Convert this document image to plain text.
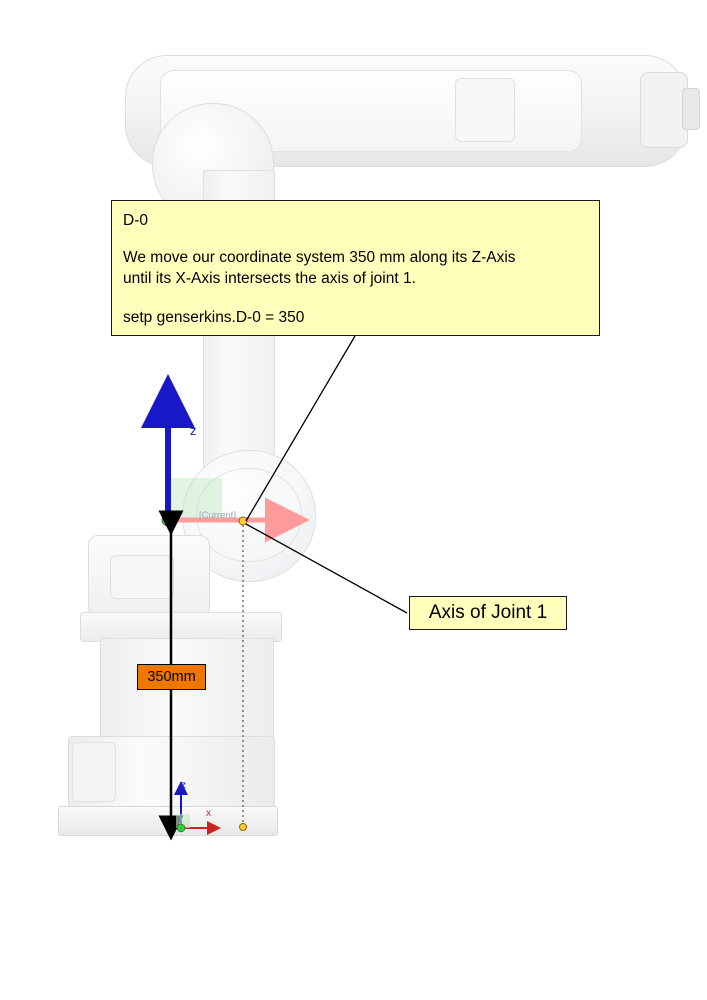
z
z
x
[Current]

D-0

We move our coordinate system 350 mm along its Z-Axis

until its X-Axis intersects the axis of joint 1.

setp genserkins.D-0 = 350

Axis of Joint 1
350mm
